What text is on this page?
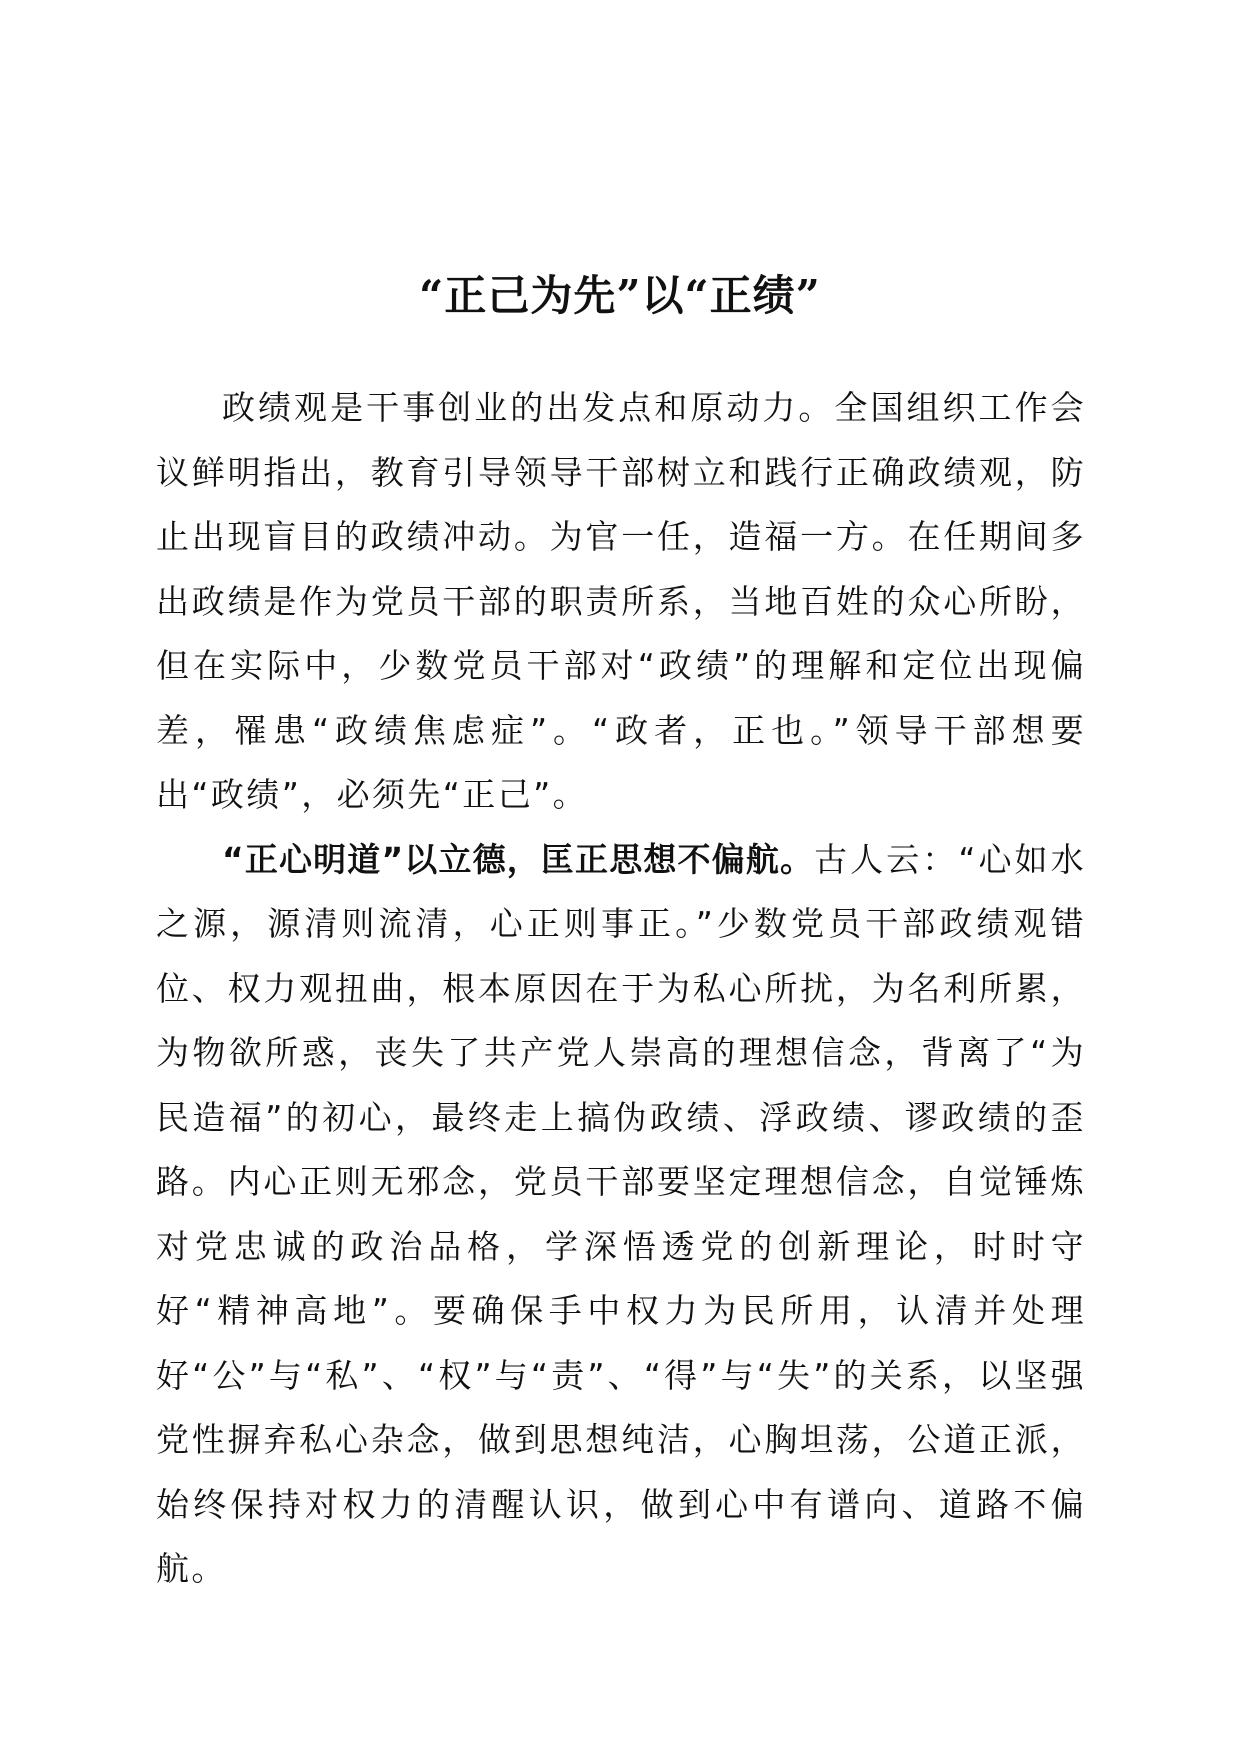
“正己为先”以“正绩”

政绩观是干事创业的出发点和原动力。全国组织工作会议鲜明指出，教育引导领导干部树立和践行正确政绩观，防止出现盲目的政绩冲动。为官一任，造福一方。在任期间多出政绩是作为党员干部的职责所系，当地百姓的众心所盼，但在实际中，少数党员干部对“政绩”的理解和定位出现偏差，罹患“政绩焦虑症”。“政者，正也。”领导干部想要出“政绩”，必须先“正己”。

“正心明道”以立德，匡正思想不偏航。古人云：“心如水之源，源清则流清，心正则事正。”少数党员干部政绩观错位、权力观扭曲，根本原因在于为私心所扰，为名利所累，为物欲所惑，丧失了共产党人崇高的理想信念，背离了“为民造福”的初心，最终走上搞伪政绩、浮政绩、谬政绩的歪路。内心正则无邪念，党员干部要坚定理想信念，自觉锤炼对党忠诚的政治品格，学深悟透党的创新理论，时时守好“精神高地”。要确保手中权力为民所用，认清并处理好“公”与“私”、“权”与“责”、“得”与“失”的关系，以坚强党性摒弃私心杂念，做到思想纯洁，心胸坦荡，公道正派，始终保持对权力的清醒认识，做到心中有谱向、道路不偏航。
